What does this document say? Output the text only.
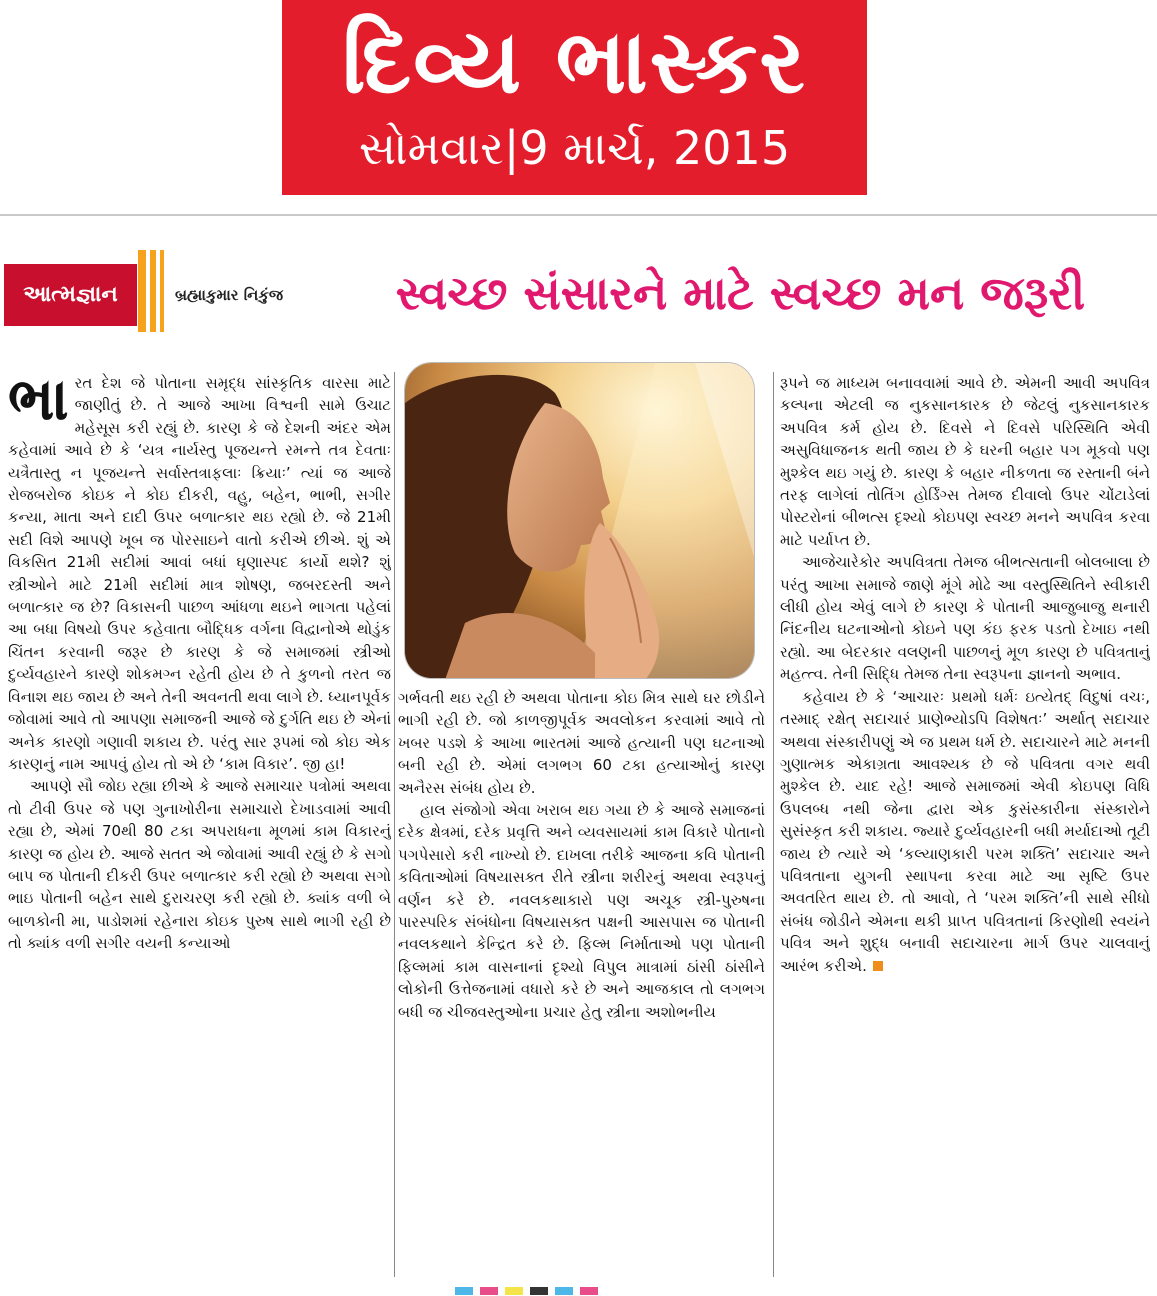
દિવ્ય ભાસ્કર
સોમવાર|9 માર્ચ, 2015
આત્મજ્ઞાન	બ્રહ્માકુમાર નિકુંજ	સ્વચ્છ સંસારને માટે સ્વચ્છ મન જરૂરી

ભારત દેશ જે પોતાના સમૃદ્ધ સાંસ્કૃતિક વારસા માટે જાણીતું છે. તે આજે આખા વિશ્વની સામે ઉચાટ મહેસૂસ કરી રહ્યું છે. કારણ કે જે દેશની અંદર એમ કહેવામાં આવે છે કે ‘યત્ર નાર્યસ્તુ પૂજયન્તે રમન્તે તત્ર દેવતાઃ યત્રૈતાસ્તુ ન પૂજયન્તે સર્વાસ્તત્રાફલાઃ ક્રિયાઃ’ ત્યાં જ આજે રોજબરોજ કોઇક ને કોઇ દીકરી, વહુ, બહેન, ભાભી, સગીર કન્યા, માતા અને દાદી ઉપર બળાત્કાર થઇ રહ્યો છે. જે 21મી સદી વિશે આપણે ખૂબ જ પોરસાઇને વાતો કરીએ છીએ. શું એ વિકસિત 21મી સદીમાં આવાં બધાં ઘૃણાસ્પદ કાર્યો થશે? શું સ્ત્રીઓને માટે 21મી સદીમાં માત્ર શોષણ, જબરદસ્તી અને બળાત્કાર જ છે? વિકાસની પાછળ આંધળા થઇને ભાગતા પહેલાં આ બધા વિષયો ઉપર કહેવાતા બૌદ્ધિક વર્ગના વિદ્વાનોએ થોડુંક ચિંતન કરવાની જરૂર છે કારણ કે જે સમાજમાં સ્ત્રીઓ દુર્વ્યવહારને કારણે શોકમગ્ન રહેતી હોય છે તે કુળનો તરત જ વિનાશ થઇ જાય છે અને તેની અવનતી થવા લાગે છે. ધ્યાનપૂર્વક જોવામાં આવે તો આપણા સમાજની આજે જે દુર્ગતિ થઇ છે એનાં અનેક કારણો ગણાવી શકાય છે. પરંતુ સાર રૂપમાં જો કોઇ એક કારણનું નામ આપવું હોય તો એ છે ‘કામ વિકાર’. જી હા!

આપણે સૌ જોઇ રહ્યા છીએ કે આજે સમાચાર પત્રોમાં અથવા તો ટીવી ઉપર જે પણ ગુનાખોરીના સમાચારો દેખાડવામાં આવી રહ્યા છે, એમાં 70થી 80 ટકા અપરાધના મૂળમાં કામ વિકારનું કારણ જ હોય છે. આજે સતત એ જોવામાં આવી રહ્યું છે કે સગો બાપ જ પોતાની દીકરી ઉપર બળાત્કાર કરી રહ્યો છે અથવા સગો ભાઇ પોતાની બહેન સાથે દુરાચરણ કરી રહ્યો છે. ક્યાંક વળી બે બાળકોની મા, પાડોશમાં રહેનારા કોઇક પુરુષ સાથે ભાગી રહી છે તો ક્યાંક વળી સગીર વયની કન્યાઓ

ગર્ભવતી થઇ રહી છે અથવા પોતાના કોઇ મિત્ર સાથે ઘર છોડીને ભાગી રહી છે. જો કાળજીપૂર્વક અવલોકન કરવામાં આવે તો ખબર પડશે કે આખા ભારતમાં આજે હત્યાની પણ ઘટનાઓ બની રહી છે. એમાં લગભગ 60 ટકા હત્યાઓનું કારણ અનૈરસ સંબંધ હોય છે.

હાલ સંજોગો એવા ખરાબ થઇ ગયા છે કે આજે સમાજનાં દરેક ક્ષેત્રમાં, દરેક પ્રવૃત્તિ અને વ્યવસાયમાં કામ વિકારે પોતાનો પગપેસારો કરી નાખ્યો છે. દાખલા તરીકે આજના કવિ પોતાની કવિતાઓમાં વિષયાસક્ત રીતે સ્ત્રીના શરીરનું અથવા સ્વરૂપનું વર્ણન કરે છે. નવલકથાકારો પણ અચૂક સ્ત્રી-પુરુષના પારસ્પરિક સંબંધોના વિષયાસક્ત પક્ષની આસપાસ જ પોતાની નવલકથાને કેન્દ્રિત કરે છે. ફિલ્મ નિર્માતાઓ પણ પોતાની ફિલ્મમાં કામ વાસનાનાં દૃશ્યો વિપુલ માત્રામાં ઠાંસી ઠાંસીને લોકોની ઉત્તેજનામાં વધારો કરે છે અને આજકાલ તો લગભગ બધી જ ચીજવસ્તુઓના પ્રચાર હેતુ સ્ત્રીના અશોભનીય

રૂપને જ માધ્યમ બનાવવામાં આવે છે. એમની આવી અપવિત્ર કલ્પના એટલી જ નુકસાનકારક છે જેટલું નુકસાનકારક અપવિત્ર કર્મ હોય છે. દિવસે ને દિવસે પરિસ્થિતિ એવી અસુવિધાજનક થતી જાય છે કે ઘરની બહાર પગ મૂકવો પણ મુશ્કેલ થઇ ગયું છે. કારણ કે બહાર નીકળતા જ રસ્તાની બંને તરફ લાગેલાં તોતિંગ હોર્ડિંગ્સ તેમજ દીવાલો ઉપર ચોંટાડેલાં પોસ્ટરોનાં બીભત્સ દૃશ્યો કોઇપણ સ્વચ્છ મનને અપવિત્ર કરવા માટે પર્યાપ્ત છે.

આજેચારેકોર અપવિત્રતા તેમજ બીભત્સતાની બોલબાલા છે પરંતુ આખા સમાજે જાણે મૂંગે મોઢે આ વસ્તુસ્થિતિને સ્વીકારી લીધી હોય એવું લાગે છે કારણ કે પોતાની આજુબાજુ થનારી નિંદનીય ઘટનાઓનો કોઇને પણ કંઇ ફરક પડતો દેખાઇ નથી રહ્યો. આ બેદરકાર વલણની પાછળનું મૂળ કારણ છે પવિત્રતાનું મહત્ત્વ. તેની સિદ્ધિ તેમજ તેના સ્વરૂપના જ્ઞાનનો અભાવ.

કહેવાય છે કે ‘આચારઃ પ્રથમો ધર્મઃ ઇત્યેતદ્ વિદુષાં વચઃ, તસ્માદ્ રક્ષેત્ સદાચારં પ્રાણેભ્યોઽપિ વિશેષતઃ’ અર્થાત્ સદાચાર અથવા સંસ્કારીપણું એ જ પ્રથમ ધર્મ છે. સદાચારને માટે મનની ગુણાત્મક એકાગ્રતા આવશ્યક છે જે પવિત્રતા વગર થવી મુશ્કેલ છે. યાદ રહે! આજે સમાજમાં એવી કોઇપણ વિધિ ઉપલબ્ધ નથી જેના દ્વારા એક કુસંસ્કારીના સંસ્કારોને સુસંસ્કૃત કરી શકાય. જ્યારે દુર્વ્યવહારની બધી મર્યાદાઓ તૂટી જાય છે ત્યારે એ ‘કલ્યાણકારી પરમ શક્તિ’ સદાચાર અને પવિત્રતાના યુગની સ્થાપના કરવા માટે આ સૃષ્ટિ ઉપર અવતરિત થાય છે. તો આવો, તે ‘પરમ શક્તિ’ની સાથે સીધો સંબંધ જોડીને એમના થકી પ્રાપ્ત પવિત્રતાનાં કિરણોથી સ્વયંને પવિત્ર અને શુદ્ધ બનાવી સદાચારના માર્ગ ઉપર ચાલવાનું આરંભ કરીએ.
